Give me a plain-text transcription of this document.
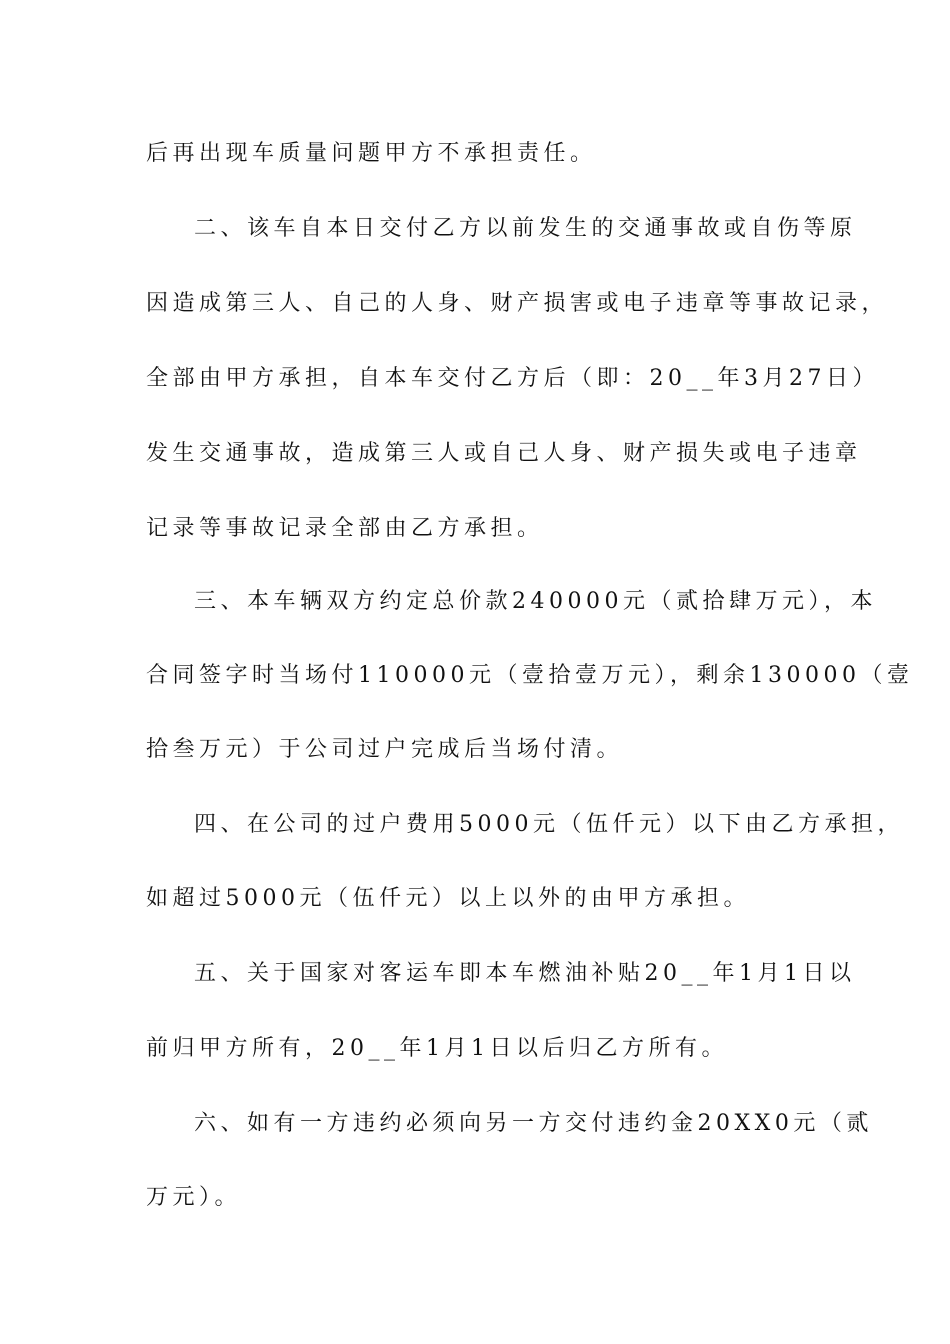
后再出现车质量问题甲方不承担责任。
二、该车自本日交付乙方以前发生的交通事故或自伤等原
因造成第三人、自己的人身、财产损害或电子违章等事故记录，
全部由甲方承担，自本车交付乙方后（即：20__年3月27日）
发生交通事故，造成第三人或自己人身、财产损失或电子违章
记录等事故记录全部由乙方承担。
三、本车辆双方约定总价款240000元（贰拾肆万元），本
合同签字时当场付110000元（壹拾壹万元），剩余130000（壹
拾叁万元）于公司过户完成后当场付清。
四、在公司的过户费用5000元（伍仟元）以下由乙方承担，
如超过5000元（伍仟元）以上以外的由甲方承担。
五、关于国家对客运车即本车燃油补贴20__年1月1日以
前归甲方所有，20__年1月1日以后归乙方所有。
六、如有一方违约必须向另一方交付违约金20XX0元（贰
万元）。
